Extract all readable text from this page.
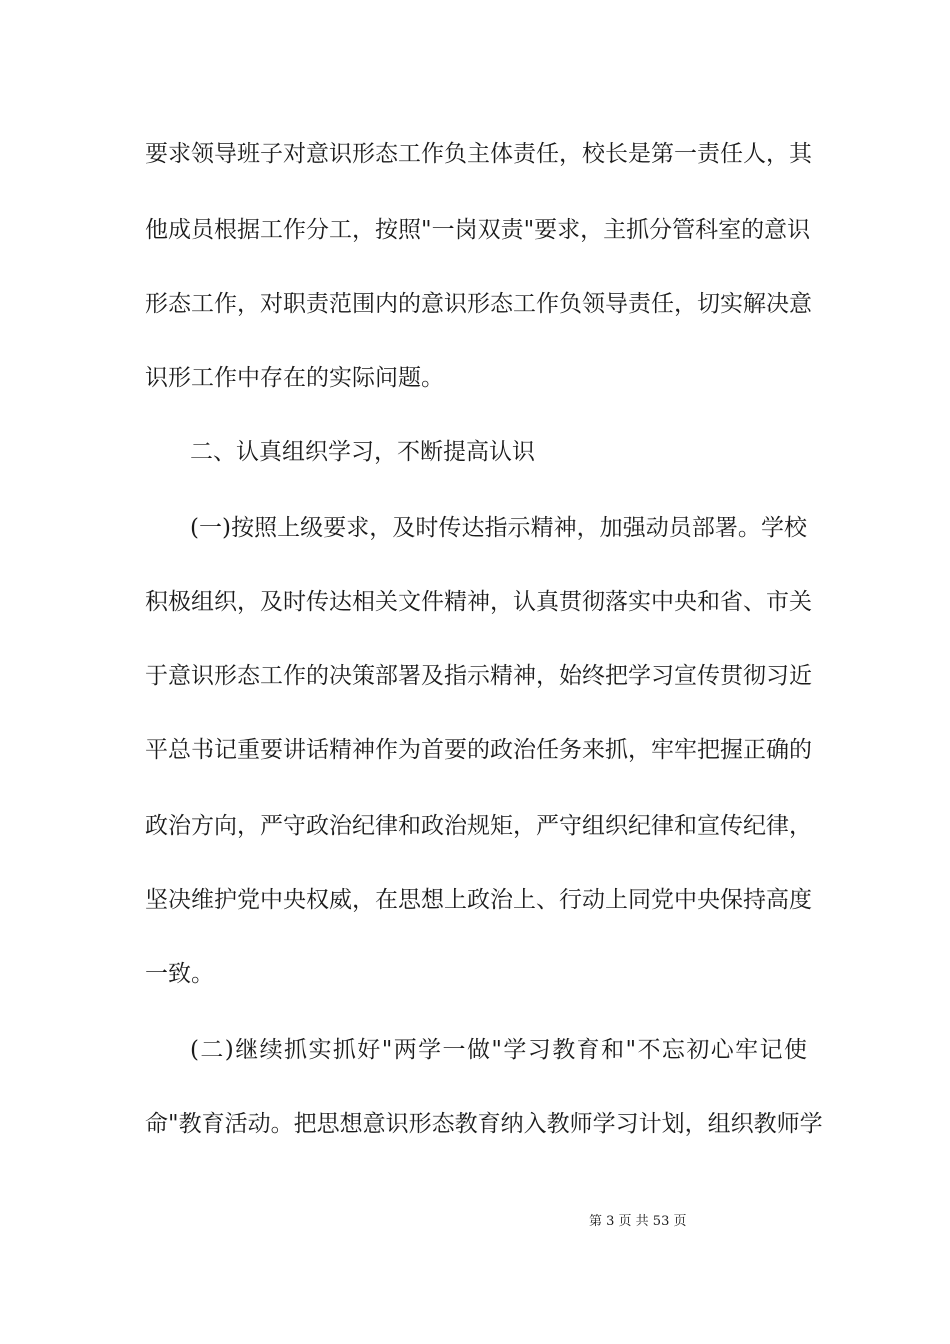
要求领导班子对意识形态工作负主体责任，校长是第一责任人，其
他成员根据工作分工，按照"一岗双责"要求，主抓分管科室的意识
形态工作，对职责范围内的意识形态工作负领导责任，切实解决意
识形工作中存在的实际问题。
二、认真组织学习，不断提高认识
(一)按照上级要求，及时传达指示精神，加强动员部署。学校
积极组织，及时传达相关文件精神，认真贯彻落实中央和省、市关
于意识形态工作的决策部署及指示精神，始终把学习宣传贯彻习近
平总书记重要讲话精神作为首要的政治任务来抓，牢牢把握正确的
政治方向，严守政治纪律和政治规矩，严守组织纪律和宣传纪律，
坚决维护党中央权威，在思想上政治上、行动上同党中央保持高度
一致。
(二)继续抓实抓好"两学一做"学习教育和"不忘初心牢记使
命"教育活动。把思想意识形态教育纳入教师学习计划，组织教师学
第 3 页 共 53 页
